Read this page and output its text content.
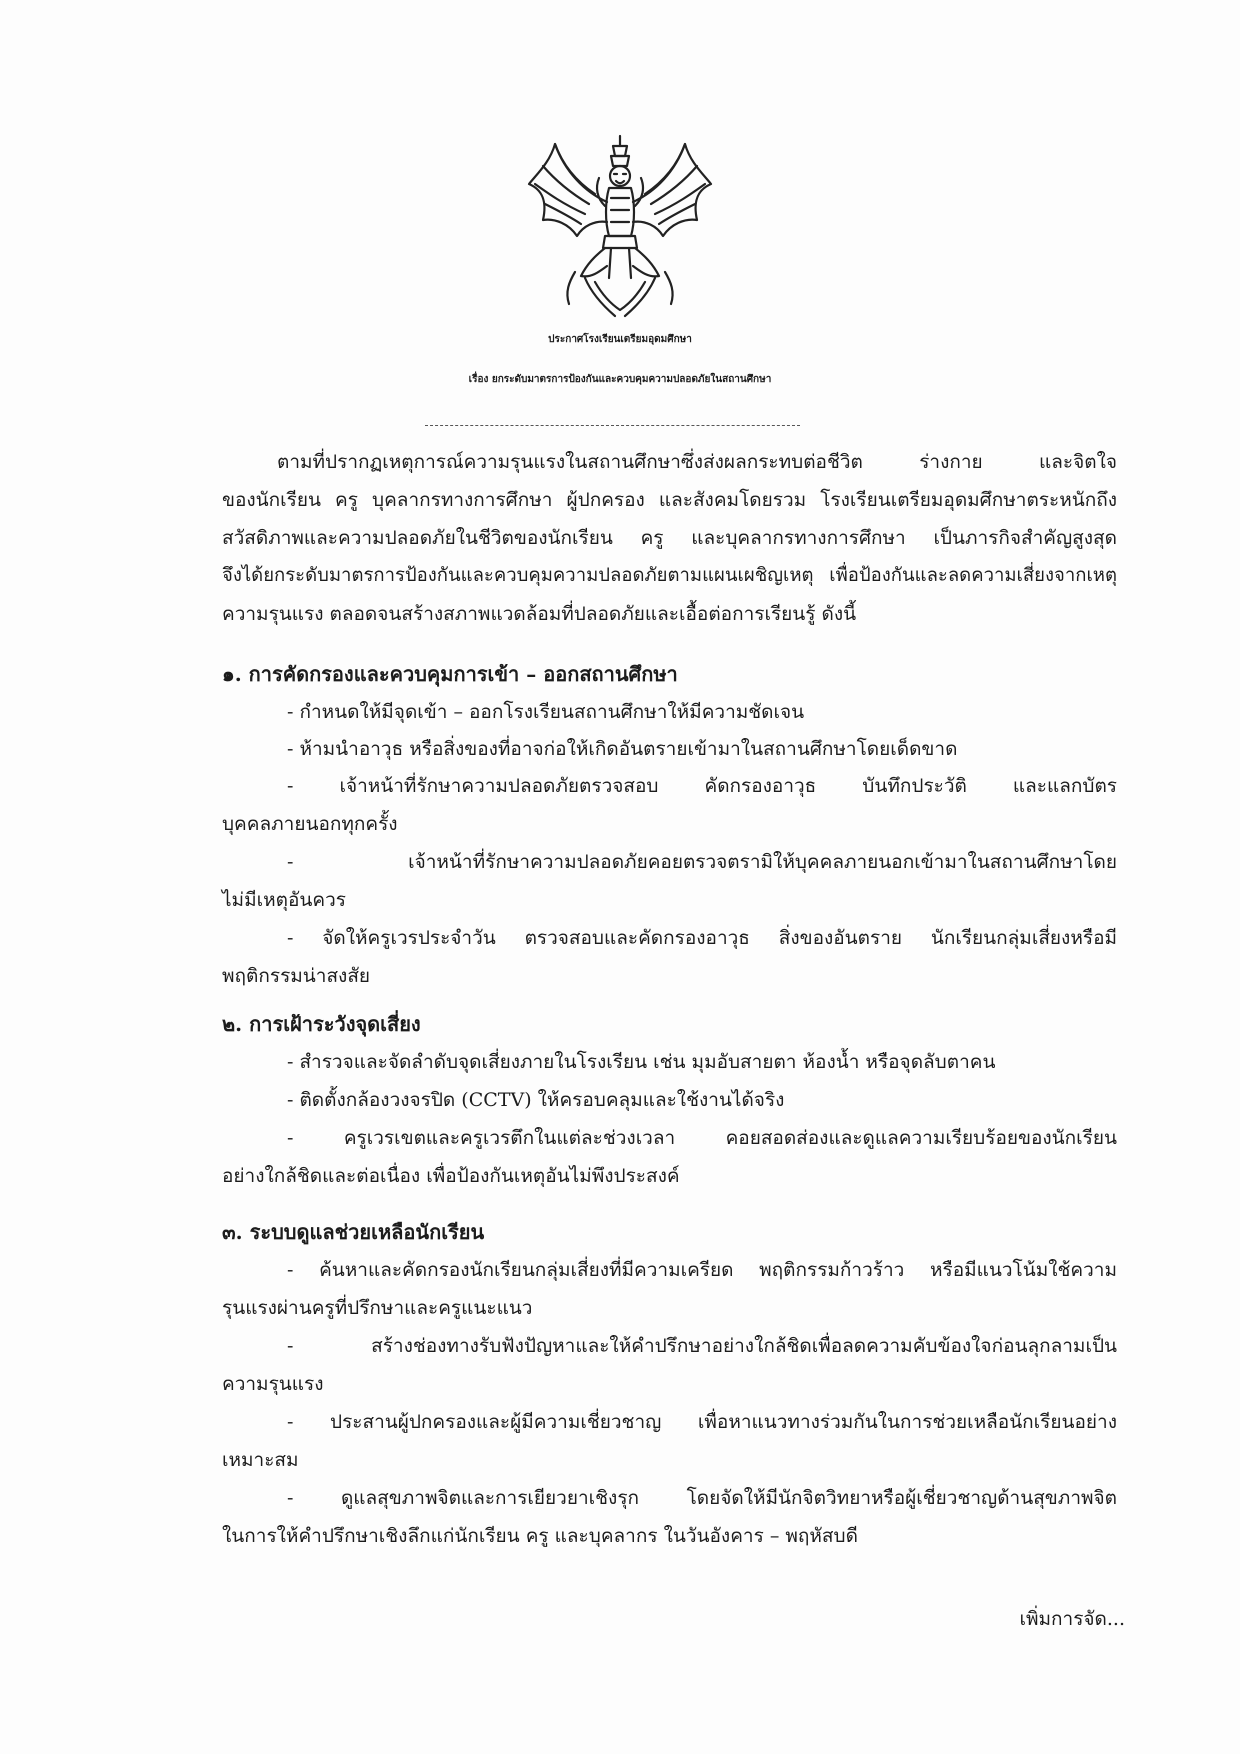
ประกาศโรงเรียนเตรียมอุดมศึกษา
เรื่อง ยกระดับมาตรการป้องกันและควบคุมความปลอดภัยในสถานศึกษา
ตามที่ปรากฏเหตุการณ์ความรุนแรงในสถานศึกษาซึ่งส่งผลกระทบต่อชีวิต ร่างกาย และจิตใจ
ของนักเรียน ครู บุคลากรทางการศึกษา ผู้ปกครอง และสังคมโดยรวม โรงเรียนเตรียมอุดมศึกษาตระหนักถึง
สวัสดิภาพและความปลอดภัยในชีวิตของนักเรียน ครู และบุคลากรทางการศึกษา เป็นภารกิจสำคัญสูงสุด
จึงได้ยกระดับมาตรการป้องกันและควบคุมความปลอดภัยตามแผนเผชิญเหตุ เพื่อป้องกันและลดความเสี่ยงจากเหตุ
ความรุนแรง ตลอดจนสร้างสภาพแวดล้อมที่ปลอดภัยและเอื้อต่อการเรียนรู้ ดังนี้
๑. การคัดกรองและควบคุมการเข้า – ออกสถานศึกษา
- กำหนดให้มีจุดเข้า – ออกโรงเรียนสถานศึกษาให้มีความชัดเจน
- ห้ามนำอาวุธ หรือสิ่งของที่อาจก่อให้เกิดอันตรายเข้ามาในสถานศึกษาโดยเด็ดขาด
- เจ้าหน้าที่รักษาความปลอดภัยตรวจสอบ คัดกรองอาวุธ บันทึกประวัติ และแลกบัตร
บุคคลภายนอกทุกครั้ง
- เจ้าหน้าที่รักษาความปลอดภัยคอยตรวจตรามิให้บุคคลภายนอกเข้ามาในสถานศึกษาโดย
ไม่มีเหตุอันควร
- จัดให้ครูเวรประจำวัน ตรวจสอบและคัดกรองอาวุธ สิ่งของอันตราย นักเรียนกลุ่มเสี่ยงหรือมี
พฤติกรรมน่าสงสัย
๒. การเฝ้าระวังจุดเสี่ยง
- สำรวจและจัดลำดับจุดเสี่ยงภายในโรงเรียน เช่น มุมอับสายตา ห้องน้ำ หรือจุดลับตาคน
- ติดตั้งกล้องวงจรปิด (CCTV) ให้ครอบคลุมและใช้งานได้จริง
- ครูเวรเขตและครูเวรตึกในแต่ละช่วงเวลา คอยสอดส่องและดูแลความเรียบร้อยของนักเรียน
อย่างใกล้ชิดและต่อเนื่อง เพื่อป้องกันเหตุอันไม่พึงประสงค์
๓. ระบบดูแลช่วยเหลือนักเรียน
- ค้นหาและคัดกรองนักเรียนกลุ่มเสี่ยงที่มีความเครียด พฤติกรรมก้าวร้าว หรือมีแนวโน้มใช้ความ
รุนแรงผ่านครูที่ปรึกษาและครูแนะแนว
- สร้างช่องทางรับฟังปัญหาและให้คำปรึกษาอย่างใกล้ชิดเพื่อลดความคับข้องใจก่อนลุกลามเป็น
ความรุนแรง
- ประสานผู้ปกครองและผู้มีความเชี่ยวชาญ เพื่อหาแนวทางร่วมกันในการช่วยเหลือนักเรียนอย่าง
เหมาะสม
- ดูแลสุขภาพจิตและการเยียวยาเชิงรุก โดยจัดให้มีนักจิตวิทยาหรือผู้เชี่ยวชาญด้านสุขภาพจิต
ในการให้คำปรึกษาเชิงลึกแก่นักเรียน ครู และบุคลากร ในวันอังคาร – พฤหัสบดี
เพิ่มการจัด...
